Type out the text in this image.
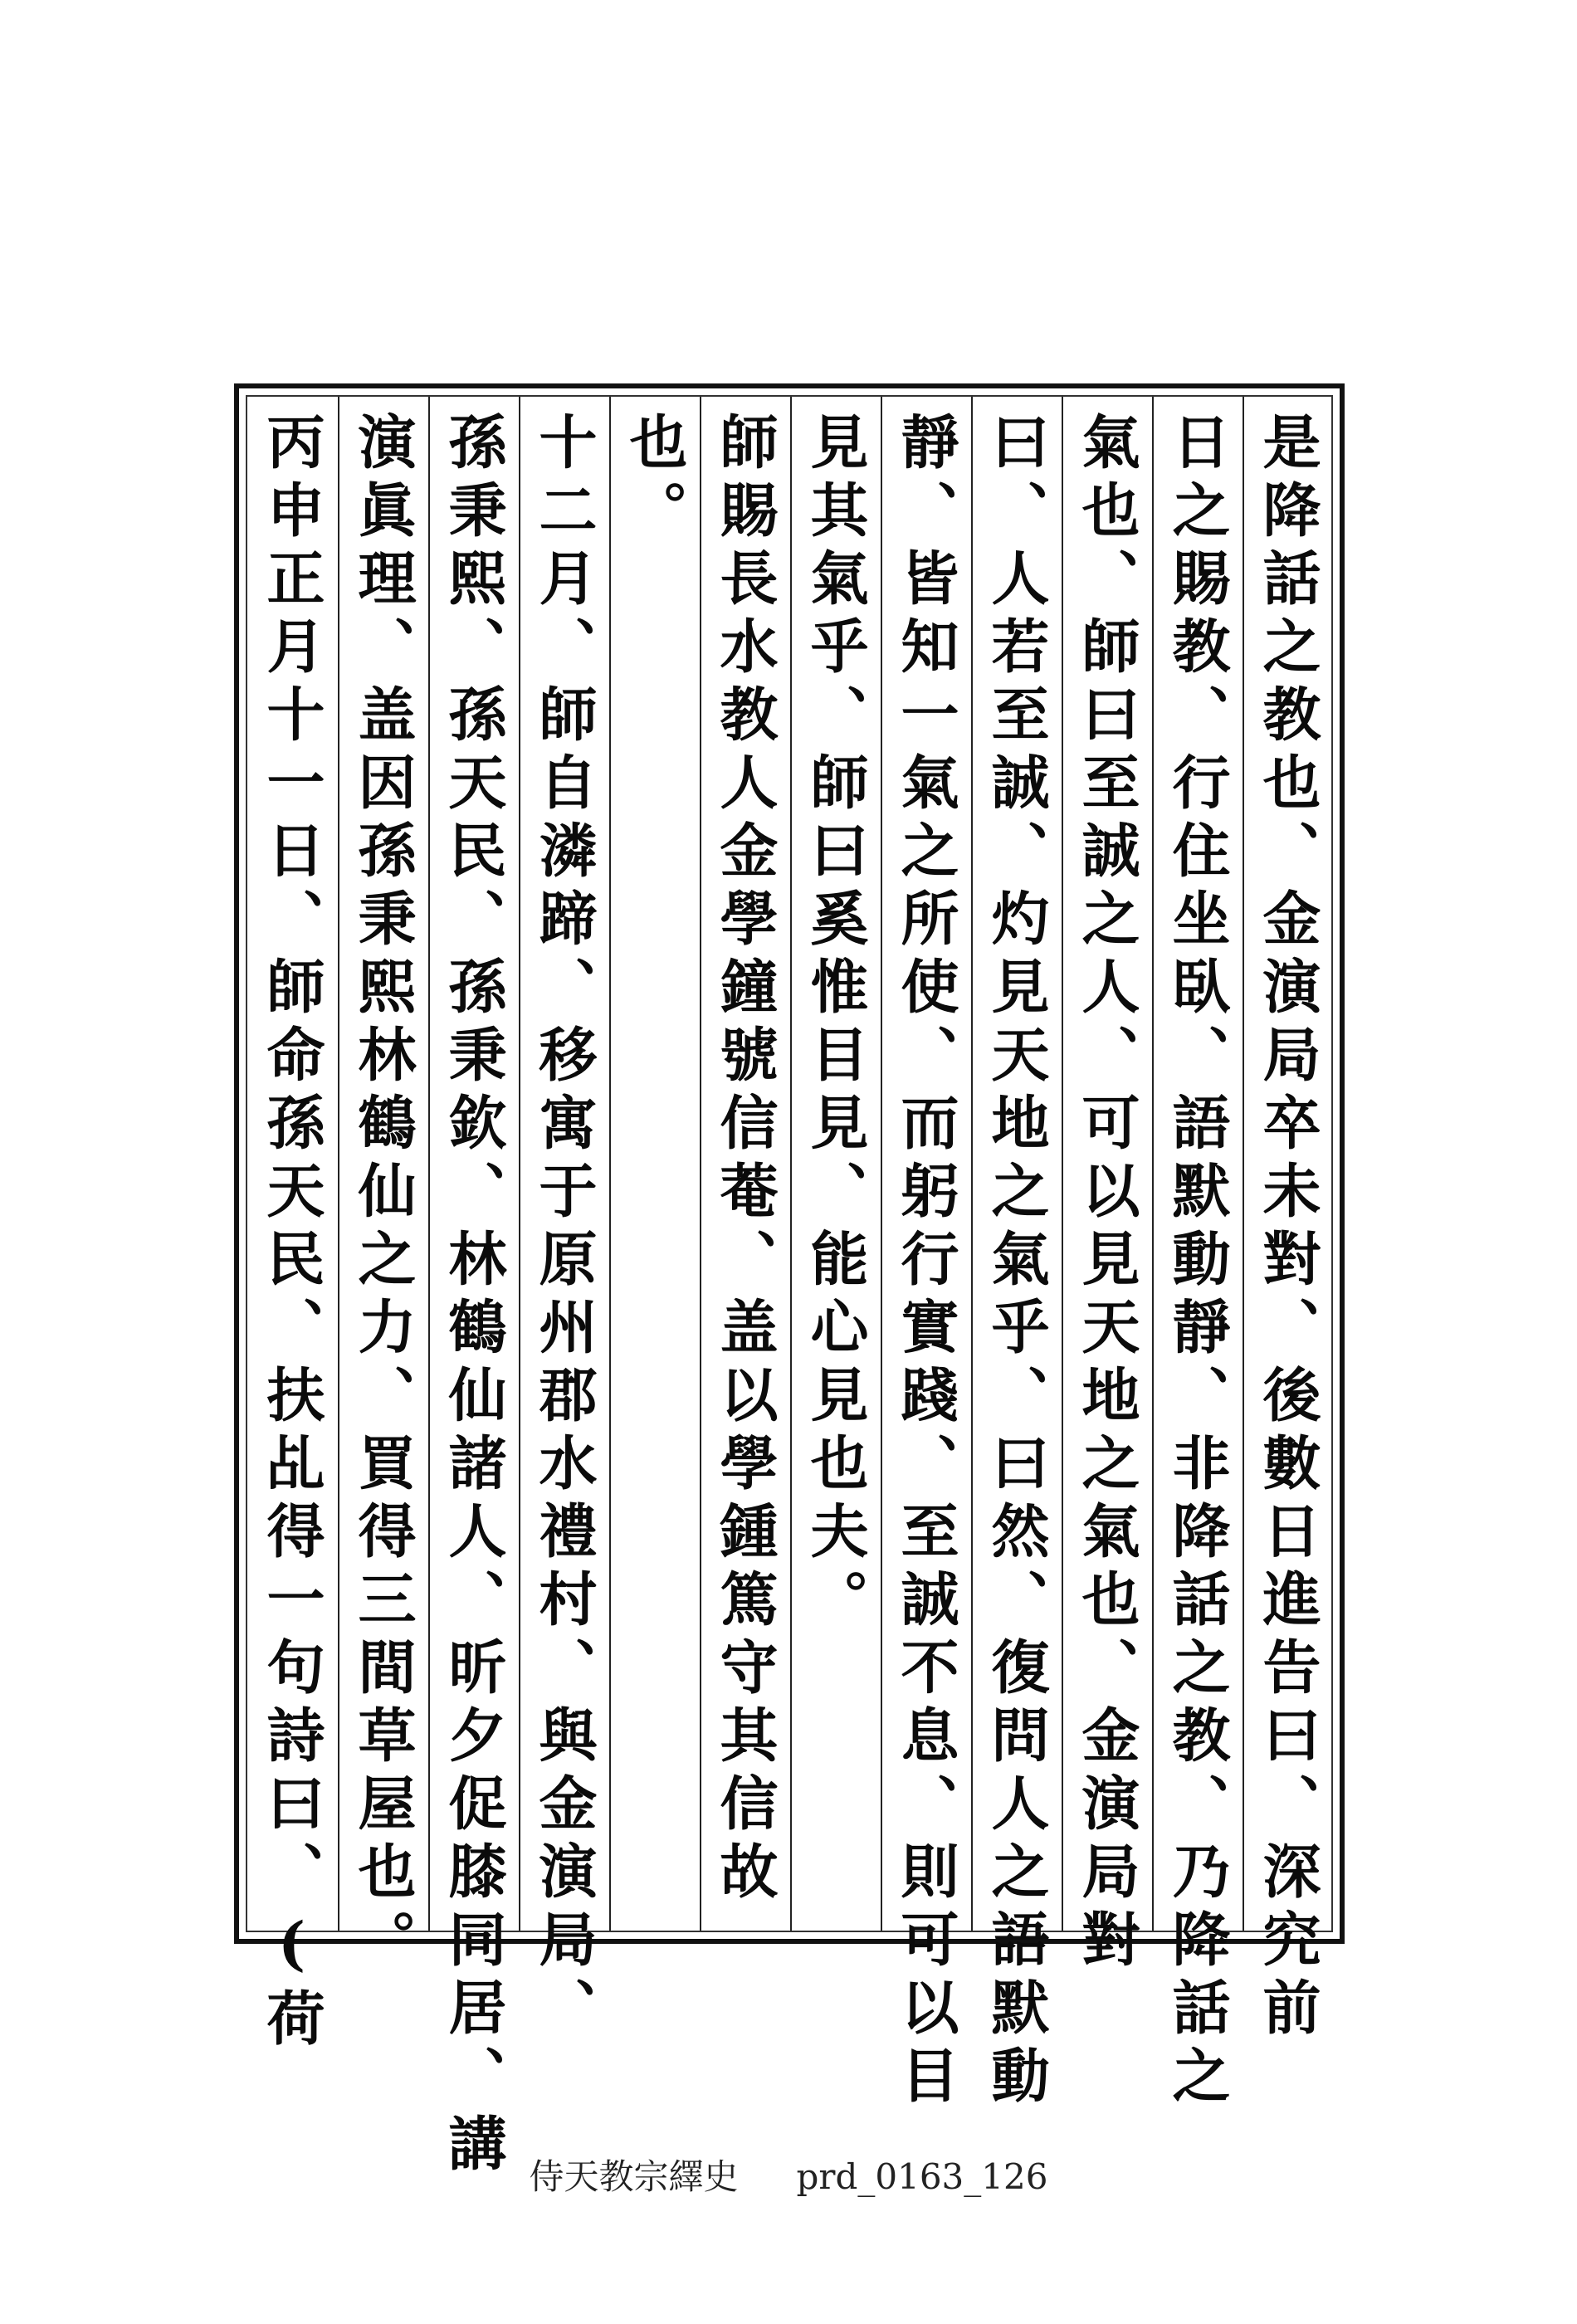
是降話之教也、金演局卒未對、後數日進告曰、深究前
日之賜教、行住坐臥、語默動靜、非降話之教、乃降話之
氣也、師曰至誠之人、可以見天地之氣也、金演局對
曰、人若至誠、灼見天地之氣乎、曰然、復問人之語默動
靜、皆知一氣之所使、而躬行實踐、至誠不息、則可以目
見其氣乎、師曰奚惟目見、能心見也夫。
師賜長水教人金學鐘號信菴、盖以學鍾篤守其信故
也。
十二月、師自潾蹄、移寓于原州郡水禮村、與金演局、
孫秉熙、孫天民、孫秉欽、林鶴仙諸人、昕夕促膝同居、講
演眞理、盖因孫秉熙林鶴仙之力、買得三間草屋也。
丙申正月十一日、師命孫天民、扶乩得一句詩曰、(荷
侍天教宗繹史 prd_0163_126
